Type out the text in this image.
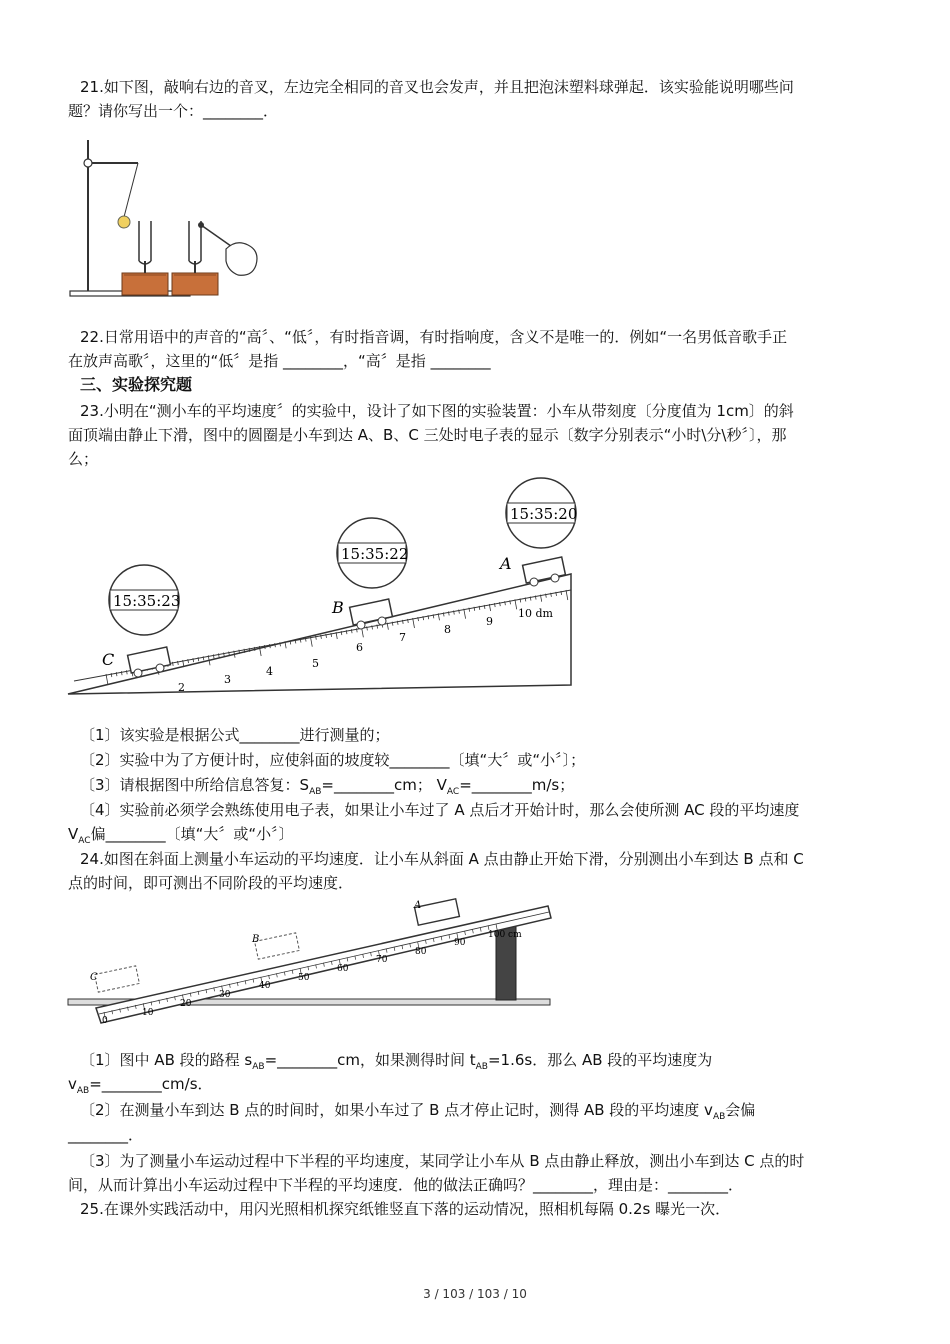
21.如下图，敲响右边的音叉，左边完全相同的音叉也会发声，并且把泡沫塑料球弹起．该实验能说明哪些问
题？请你写出一个：________．
22.日常用语中的声音的“高〞、“低〞，有时指音调，有时指响度，含义不是唯一的．例如“一名男低音歌手正
在放声高歌〞，这里的“低〞是指 ________，“高〞是指 ________
三、实验探究题
23.小明在“测小车的平均速度〞的实验中，设计了如下图的实验装置：小车从带刻度〔分度值为 1cm〕的斜
面顶端由静止下滑，图中的圆圈是小车到达 A、B、C 三处时电子表的显示〔数字分别表示“小时\分\秒〞〕，那
么；
2
3
4
5
6
7
8
9
10 dm
C
15:35:23	B
15:35:22	A
15:35:20
〔1〕该实验是根据公式________进行测量的；
〔2〕实验中为了方便计时，应使斜面的坡度较________〔填“大〞或“小〞〕；
〔3〕请根据图中所给信息答复：$S_{AB}=\_\_\_\_\_\_\_\_cm$； $V_{AC}=\_\_\_\_\_\_\_\_m/s$；
〔4〕实验前必须学会熟练使用电子表，如果让小车过了 A 点后才开始计时，那么会使所测 AC 段的平均速度
$V_{AC}$偏________〔填“大〞或“小〞〕
24.如图在斜面上测量小车运动的平均速度．让小车从斜面 A 点由静止开始下滑，分别测出小车到达 B 点和 C
点的时间，即可测出不同阶段的平均速度．
0
10
20
30
40
50
60
70
80
90
100 cm
C
B
A
〔1〕图中 AB 段的路程 $s_{AB}=\_\_\_\_\_\_\_\_cm$，如果测得时间 $t_{AB}=1.6s$．那么 AB 段的平均速度为
$v_{AB}=\_\_\_\_\_\_\_\_cm/s$．
〔2〕在测量小车到达 B 点的时间时，如果小车过了 B 点才停止记时，测得 AB 段的平均速度 $v_{AB}$会偏
________．
〔3〕为了测量小车运动过程中下半程的平均速度，某同学让小车从 B 点由静止释放，测出小车到达 C 点的时
间，从而计算出小车运动过程中下半程的平均速度．他的做法正确吗？________，理由是：________．
25.在课外实践活动中，用闪光照相机探究纸锥竖直下落的运动情况，照相机每隔 0.2s 曝光一次．
3 / 103 / 103 / 10
